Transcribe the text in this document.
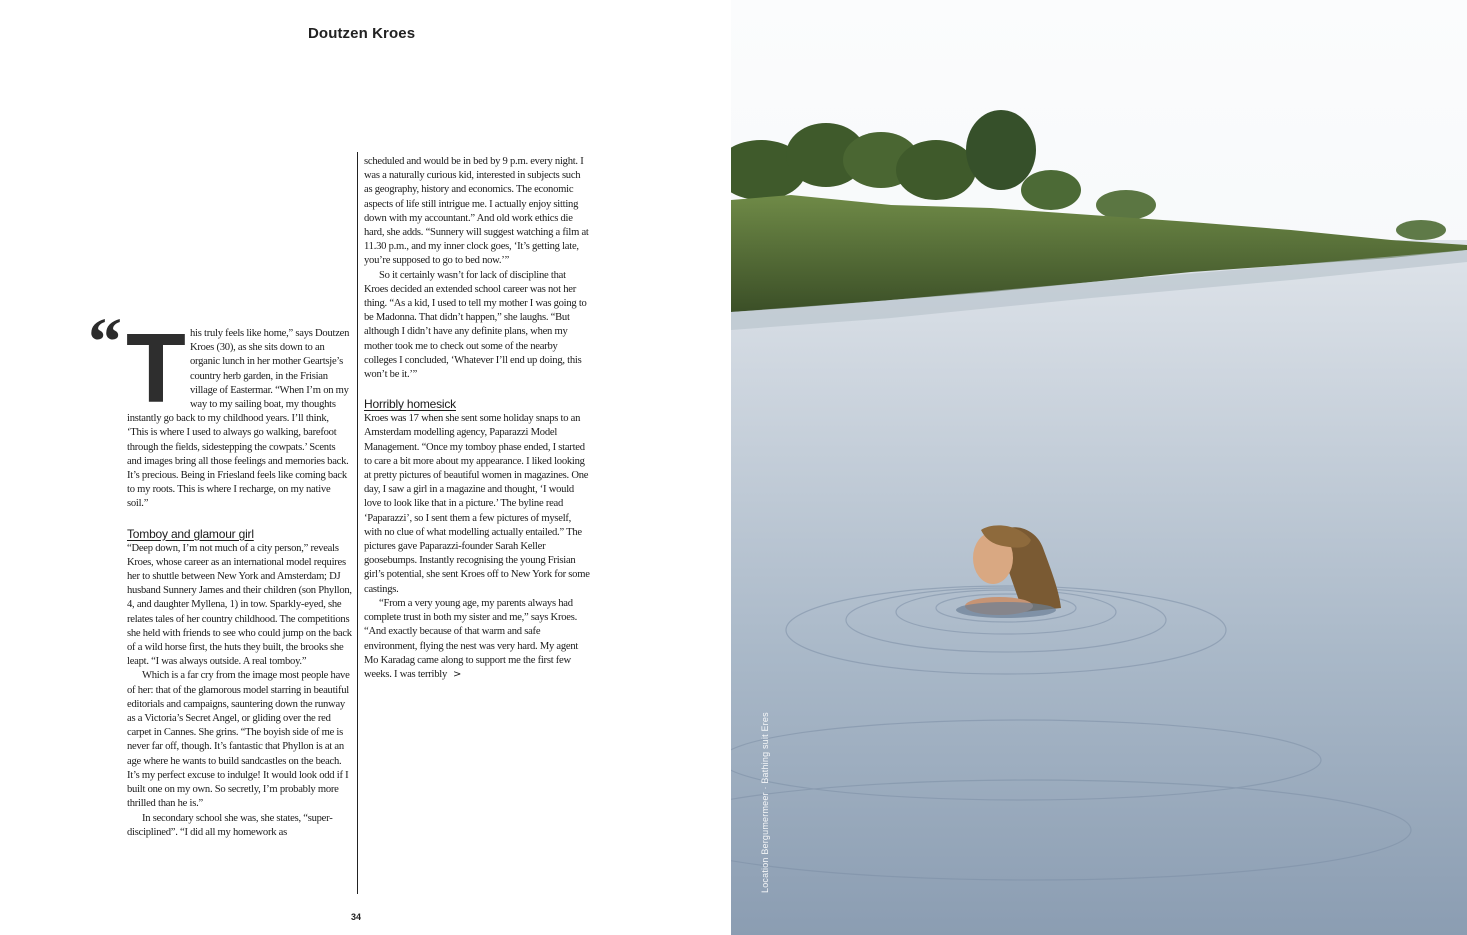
Doutzen Kroes
“ This truly feels like home,” says Doutzen Kroes (30), as she sits down to an organic lunch in her mother Geartsje’s country herb garden, in the Frisian village of Eastermar. “When I’m on my way to my sailing boat, my thoughts instantly go back to my childhood years. I’ll think, ‘This is where I used to always go walking, barefoot through the fields, sidestepping the cowpats.’ Scents and images bring all those feelings and memories back. It’s precious. Being in Friesland feels like coming back to my roots. This is where I recharge, on my native soil.”

Tomboy and glamour girl

“Deep down, I’m not much of a city person,” reveals Kroes, whose career as an international model requires her to shuttle between New York and Amsterdam; DJ husband Sunnery James and their children (son Phyllon, 4, and daughter Myllena, 1) in tow. Sparkly-eyed, she relates tales of her country childhood. The competitions she held with friends to see who could jump on the back of a wild horse first, the huts they built, the brooks she leapt. “I was always outside. A real tomboy.”

Which is a far cry from the image most people have of her: that of the glamorous model starring in beautiful editorials and campaigns, sauntering down the runway as a Victoria’s Secret Angel, or gliding over the red carpet in Cannes. She grins. “The boyish side of me is never far off, though. It’s fantastic that Phyllon is at an age where he wants to build sandcastles on the beach. It’s my perfect excuse to indulge! It would look odd if I built one on my own. So secretly, I’m probably more thrilled than he is.”

In secondary school she was, she states, “super-disciplined”. “I did all my homework as

scheduled and would be in bed by 9 p.m. every night. I was a naturally curious kid, interested in subjects such as geography, history and economics. The economic aspects of life still intrigue me. I actually enjoy sitting down with my accountant.” And old work ethics die hard, she adds. “Sunnery will suggest watching a film at 11.30 p.m., and my inner clock goes, ‘It’s getting late, you’re supposed to go to bed now.’”

So it certainly wasn’t for lack of discipline that Kroes decided an extended school career was not her thing. “As a kid, I used to tell my mother I was going to be Madonna. That didn’t happen,” she laughs. “But although I didn’t have any definite plans, when my mother took me to check out some of the nearby colleges I concluded, ‘Whatever I’ll end up doing, this won’t be it.’”

Horribly homesick

Kroes was 17 when she sent some holiday snaps to an Amsterdam modelling agency, Paparazzi Model Management. “Once my tomboy phase ended, I started to care a bit more about my appearance. I liked looking at pretty pictures of beautiful women in magazines. One day, I saw a girl in a magazine and thought, ‘I would love to look like that in a picture.’ The byline read ‘Paparazzi’, so I sent them a few pictures of myself, with no clue of what modelling actually entailed.” The pictures gave Paparazzi-founder Sarah Keller goosebumps. Instantly recognising the young Frisian girl’s potential, she sent Kroes off to New York for some castings.

“From a very young age, my parents always had complete trust in both my sister and me,” says Kroes. “And exactly because of that warm and safe environment, flying the nest was very hard. My agent Mo Karadag came along to support me the first few weeks. I was terribly >

34
Location Bergumermeer · Bathing suit Eres
